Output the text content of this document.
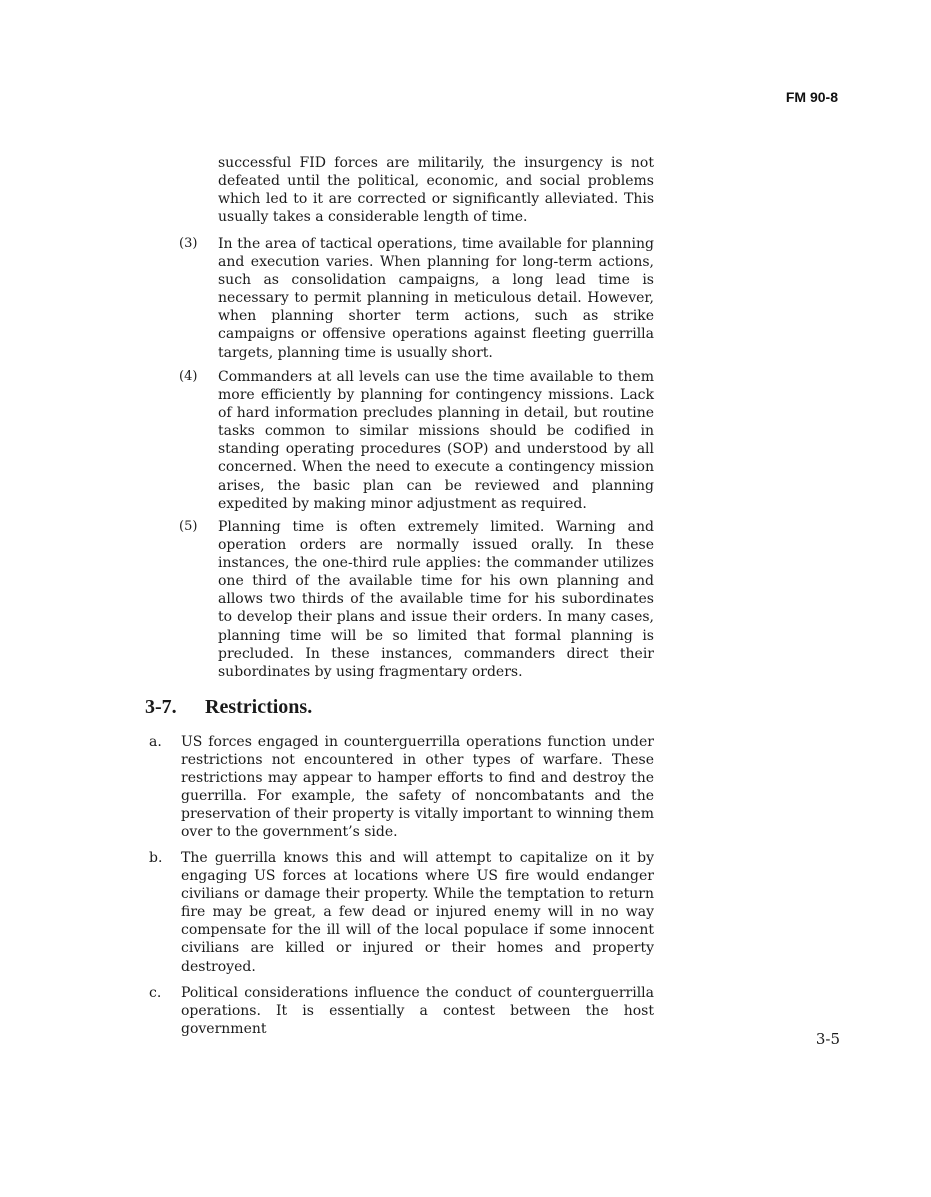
FM 90-8

successful FID forces are militarily, the insurgency is not defeated until the political, economic, and social problems which led to it are corrected or significantly alleviated. This usually takes a considerable length of time.

(3) In the area of tactical operations, time available for planning and execution varies. When planning for long-term actions, such as consolidation campaigns, a long lead time is necessary to permit planning in meticulous detail. However, when planning shorter term actions, such as strike campaigns or offensive operations against fleeting guerrilla targets, planning time is usually short.

(4) Commanders at all levels can use the time available to them more efficiently by planning for contingency missions. Lack of hard information precludes planning in detail, but routine tasks common to similar missions should be codified in standing operating procedures (SOP) and understood by all concerned. When the need to execute a contingency mission arises, the basic plan can be reviewed and planning expedited by making minor adjustment as required.

(5) Planning time is often extremely limited. Warning and operation orders are normally issued orally. In these instances, the one-third rule applies: the commander utilizes one third of the available time for his own planning and allows two thirds of the available time for his subordinates to develop their plans and issue their orders. In many cases, planning time will be so limited that formal planning is precluded. In these instances, commanders direct their subordinates by using fragmentary orders.

3-7. Restrictions.
a. US forces engaged in counterguerrilla operations function under restrictions not encountered in other types of warfare. These restrictions may appear to hamper efforts to find and destroy the guerrilla. For example, the safety of noncombatants and the preservation of their property is vitally important to winning them over to the government’s side.

b. The guerrilla knows this and will attempt to capitalize on it by engaging US forces at locations where US fire would endanger civilians or damage their property. While the temptation to return fire may be great, a few dead or injured enemy will in no way compensate for the ill will of the local populace if some innocent civilians are killed or injured or their homes and property destroyed.

c. Political considerations influence the conduct of counterguerrilla operations. It is essentially a contest between the host government

3-5
